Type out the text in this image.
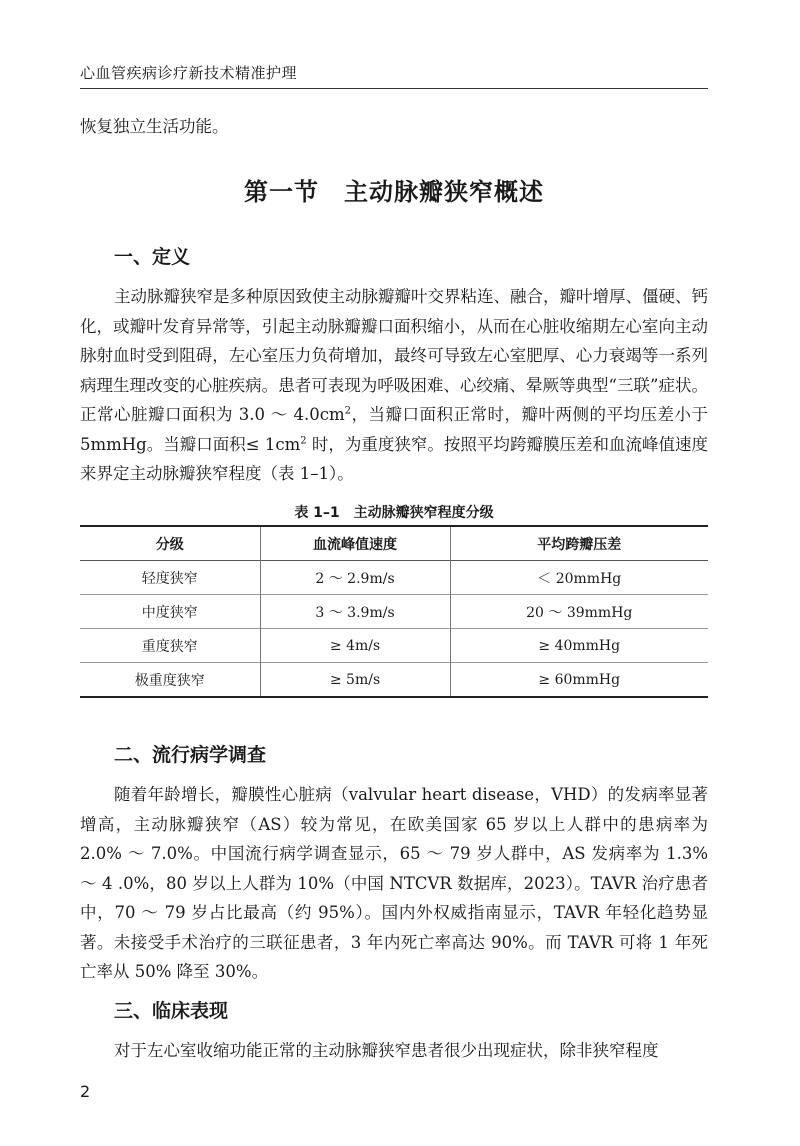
心血管疾病诊疗新技术精准护理
恢复独立生活功能。
第一节　主动脉瓣狭窄概述
一、定义
主动脉瓣狭窄是多种原因致使主动脉瓣瓣叶交界粘连、融合，瓣叶增厚、僵硬、钙化，或瓣叶发育异常等，引起主动脉瓣瓣口面积缩小，从而在心脏收缩期左心室向主动脉射血时受到阻碍，左心室压力负荷增加，最终可导致左心室肥厚、心力衰竭等一系列病理生理改变的心脏疾病。患者可表现为呼吸困难、心绞痛、晕厥等典型“三联”症状。正常心脏瓣口面积为 3.0 ～ $4.0cm^2$，当瓣口面积正常时，瓣叶两侧的平均压差小于 5mmHg。当瓣口面积≤ $1cm^2$ 时，为重度狭窄。按照平均跨瓣膜压差和血流峰值速度来界定主动脉瓣狭窄程度（表 1–1）。
表 1–1　主动脉瓣狭窄程度分级
分级	血流峰值速度	平均跨瓣压差
轻度狭窄	2 ～ 2.9m/s	＜ 20mmHg
中度狭窄	3 ～ 3.9m/s	20 ～ 39mmHg
重度狭窄	≥ 4m/s	≥ 40mmHg
极重度狭窄	≥ 5m/s	≥ 60mmHg
二、流行病学调查
随着年龄增长，瓣膜性心脏病（valvular heart disease，VHD）的发病率显著增高，主动脉瓣狭窄（AS）较为常见，在欧美国家 65 岁以上人群中的患病率为 2.0% ～ 7.0%。中国流行病学调查显示，65 ～ 79 岁人群中，AS 发病率为 1.3% ～ 4 .0%，80 岁以上人群为 10%（中国 NTCVR 数据库，2023）。TAVR 治疗患者中，70 ～ 79 岁占比最高（约 95%）。国内外权威指南显示，TAVR 年轻化趋势显著。未接受手术治疗的三联征患者，3 年内死亡率高达 90%。而 TAVR 可将 1 年死亡率从 50% 降至 30%。
三、临床表现
对于左心室收缩功能正常的主动脉瓣狭窄患者很少出现症状，除非狭窄程度
2
